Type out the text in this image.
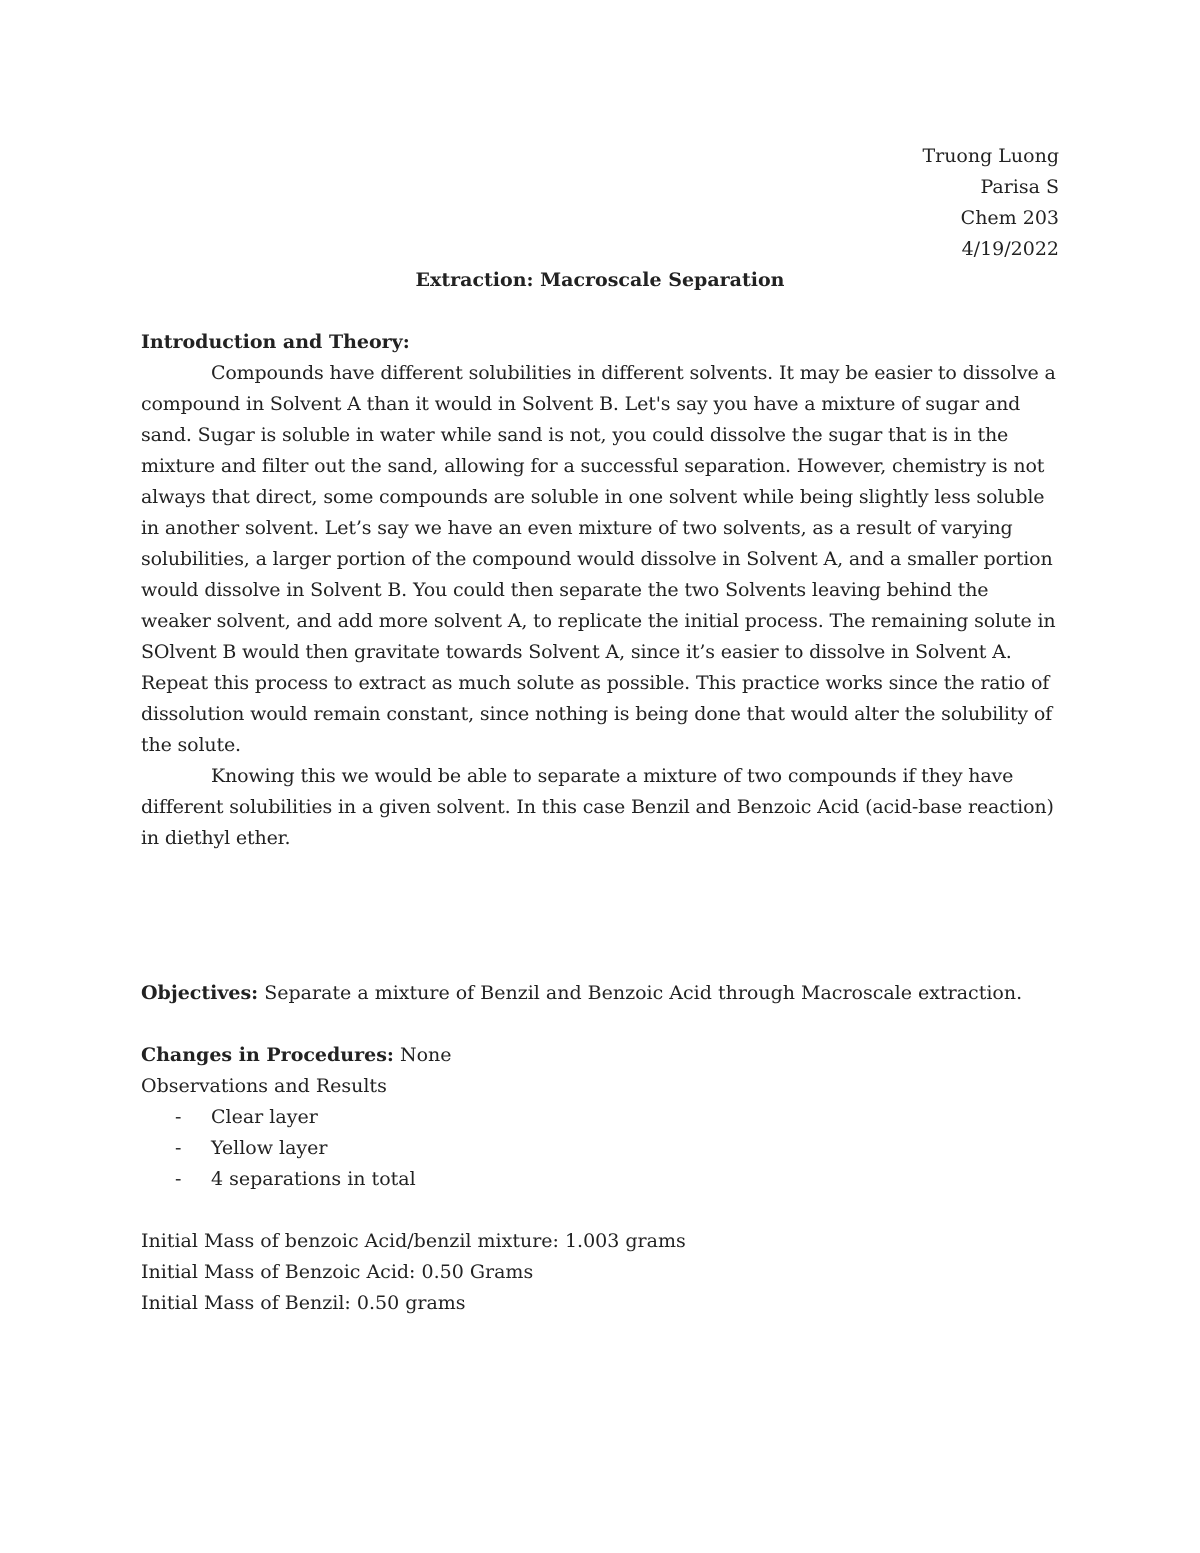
Truong Luong
Parisa S
Chem 203
4/19/2022
Extraction: Macroscale Separation
Introduction and Theory:

Compounds have different solubilities in different solvents. It may be easier to dissolve a compound in Solvent A than it would in Solvent B. Let's say you have a mixture of sugar and sand. Sugar is soluble in water while sand is not, you could dissolve the sugar that is in the mixture and filter out the sand, allowing for a successful separation. However, chemistry is not always that direct, some compounds are soluble in one solvent while being slightly less soluble in another solvent. Let’s say we have an even mixture of two solvents, as a result of varying solubilities, a larger portion of the compound would dissolve in Solvent A, and a smaller portion would dissolve in Solvent B. You could then separate the two Solvents leaving behind the weaker solvent, and add more solvent A, to replicate the initial process. The remaining solute in SOlvent B would then gravitate towards Solvent A, since it’s easier to dissolve in Solvent A. Repeat this process to extract as much solute as possible. This practice works since the ratio of dissolution would remain constant, since nothing is being done that would alter the solubility of the solute.

Knowing this we would be able to separate a mixture of two compounds if they have different solubilities in a given solvent. In this case Benzil and Benzoic Acid (acid-base reaction) in diethyl ether.

Objectives: Separate a mixture of Benzil and Benzoic Acid through Macroscale extraction.
Changes in Procedures: None
Observations and Results
- Clear layer
- Yellow layer
- 4 separations in total
Initial Mass of benzoic Acid/benzil mixture: 1.003 grams
Initial Mass of Benzoic Acid: 0.50 Grams
Initial Mass of Benzil: 0.50 grams
